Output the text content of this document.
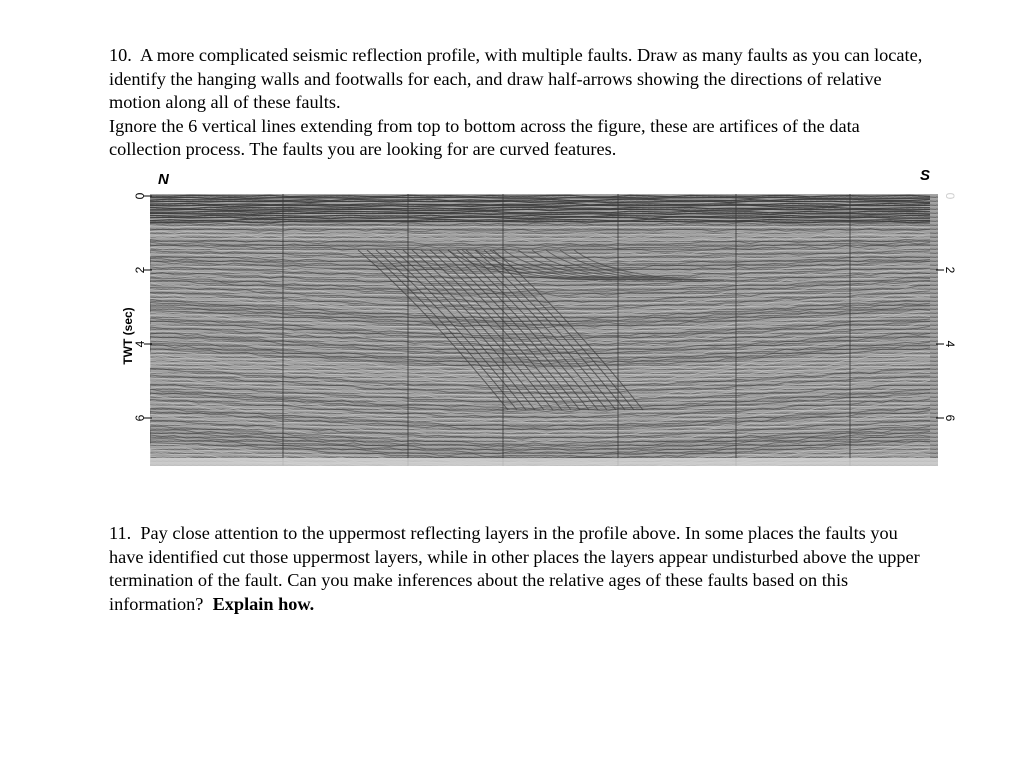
10. A more complicated seismic reflection profile, with multiple faults. Draw as many faults as you can locate, identify the hanging walls and footwalls for each, and draw half-arrows showing the directions of relative motion along all of these faults.

Ignore the 6 vertical lines extending from top to bottom across the figure, these are artifices of the data collection process. The faults you are looking for are curved features.

N	S
TWT (sec)
0
2
4
6
0
2
4
6

11. Pay close attention to the uppermost reflecting layers in the profile above. In some places the faults you have identified cut those uppermost layers, while in other places the layers appear undisturbed above the upper termination of the fault. Can you make inferences about the relative ages of these faults based on this information? Explain how.
